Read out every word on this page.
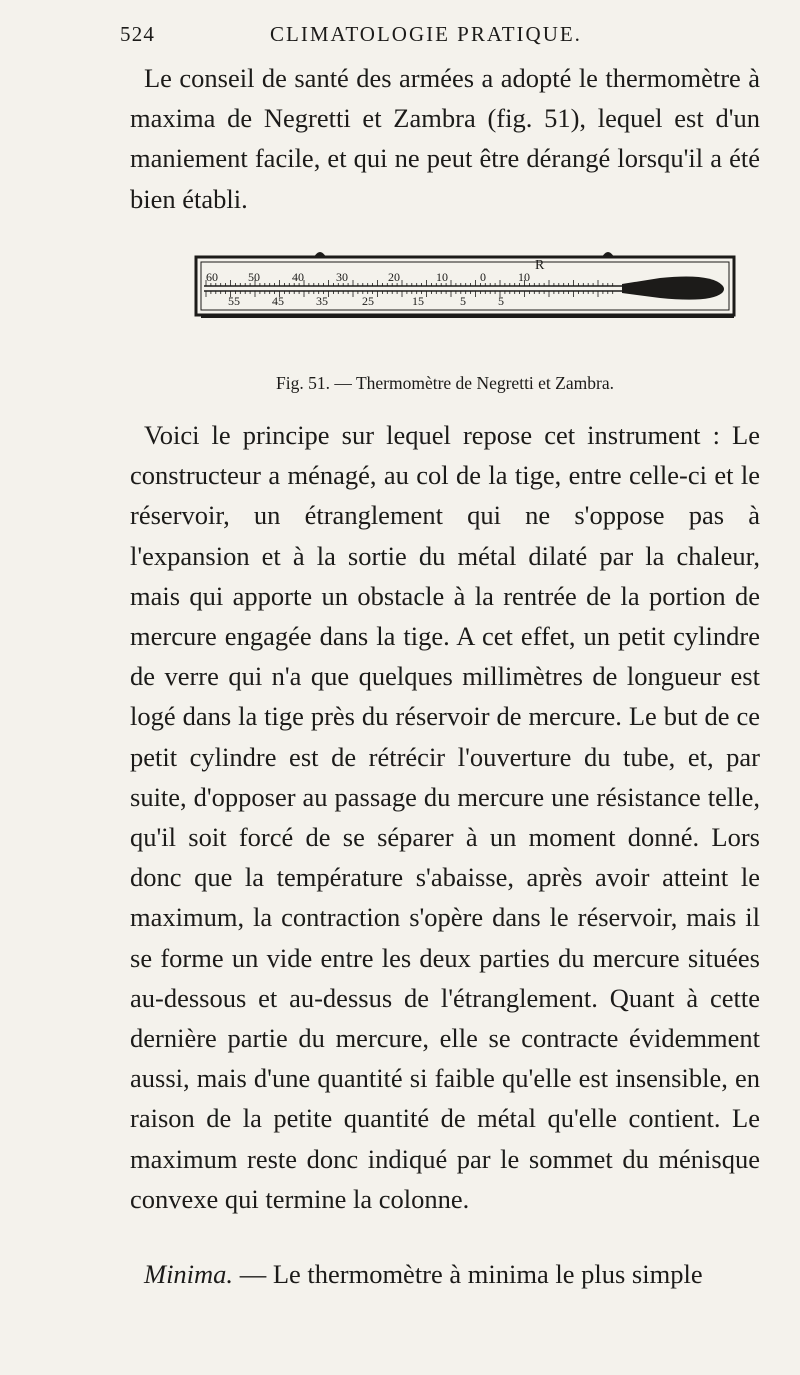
524	CLIMATOLOGIE PRATIQUE.

Le conseil de santé des armées a adopté le thermomètre à maxima de Negretti et Zambra (fig. 51), lequel est d'un maniement facile, et qui ne peut être dérangé lorsqu'il a été bien établi.

60	50	40	30	20	10	0	10
55	45	35	25	15	5	5
R
Fig. 51. — Thermomètre de Negretti et Zambra.

Voici le principe sur lequel repose cet instrument : Le constructeur a ménagé, au col de la tige, entre celle-ci et le réservoir, un étranglement qui ne s'oppose pas à l'expansion et à la sortie du métal dilaté par la chaleur, mais qui apporte un obstacle à la rentrée de la portion de mercure engagée dans la tige. A cet effet, un petit cylindre de verre qui n'a que quelques millimètres de longueur est logé dans la tige près du réservoir de mercure. Le but de ce petit cylindre est de rétrécir l'ouverture du tube, et, par suite, d'opposer au passage du mercure une résistance telle, qu'il soit forcé de se séparer à un moment donné. Lors donc que la température s'abaisse, après avoir atteint le maximum, la contraction s'opère dans le réservoir, mais il se forme un vide entre les deux parties du mercure situées au-dessous et au-dessus de l'étranglement. Quant à cette dernière partie du mercure, elle se contracte évidemment aussi, mais d'une quantité si faible qu'elle est insensible, en raison de la petite quantité de métal qu'elle contient. Le maximum reste donc indiqué par le sommet du ménisque convexe qui termine la colonne.

Minima. — Le thermomètre à minima le plus simple
